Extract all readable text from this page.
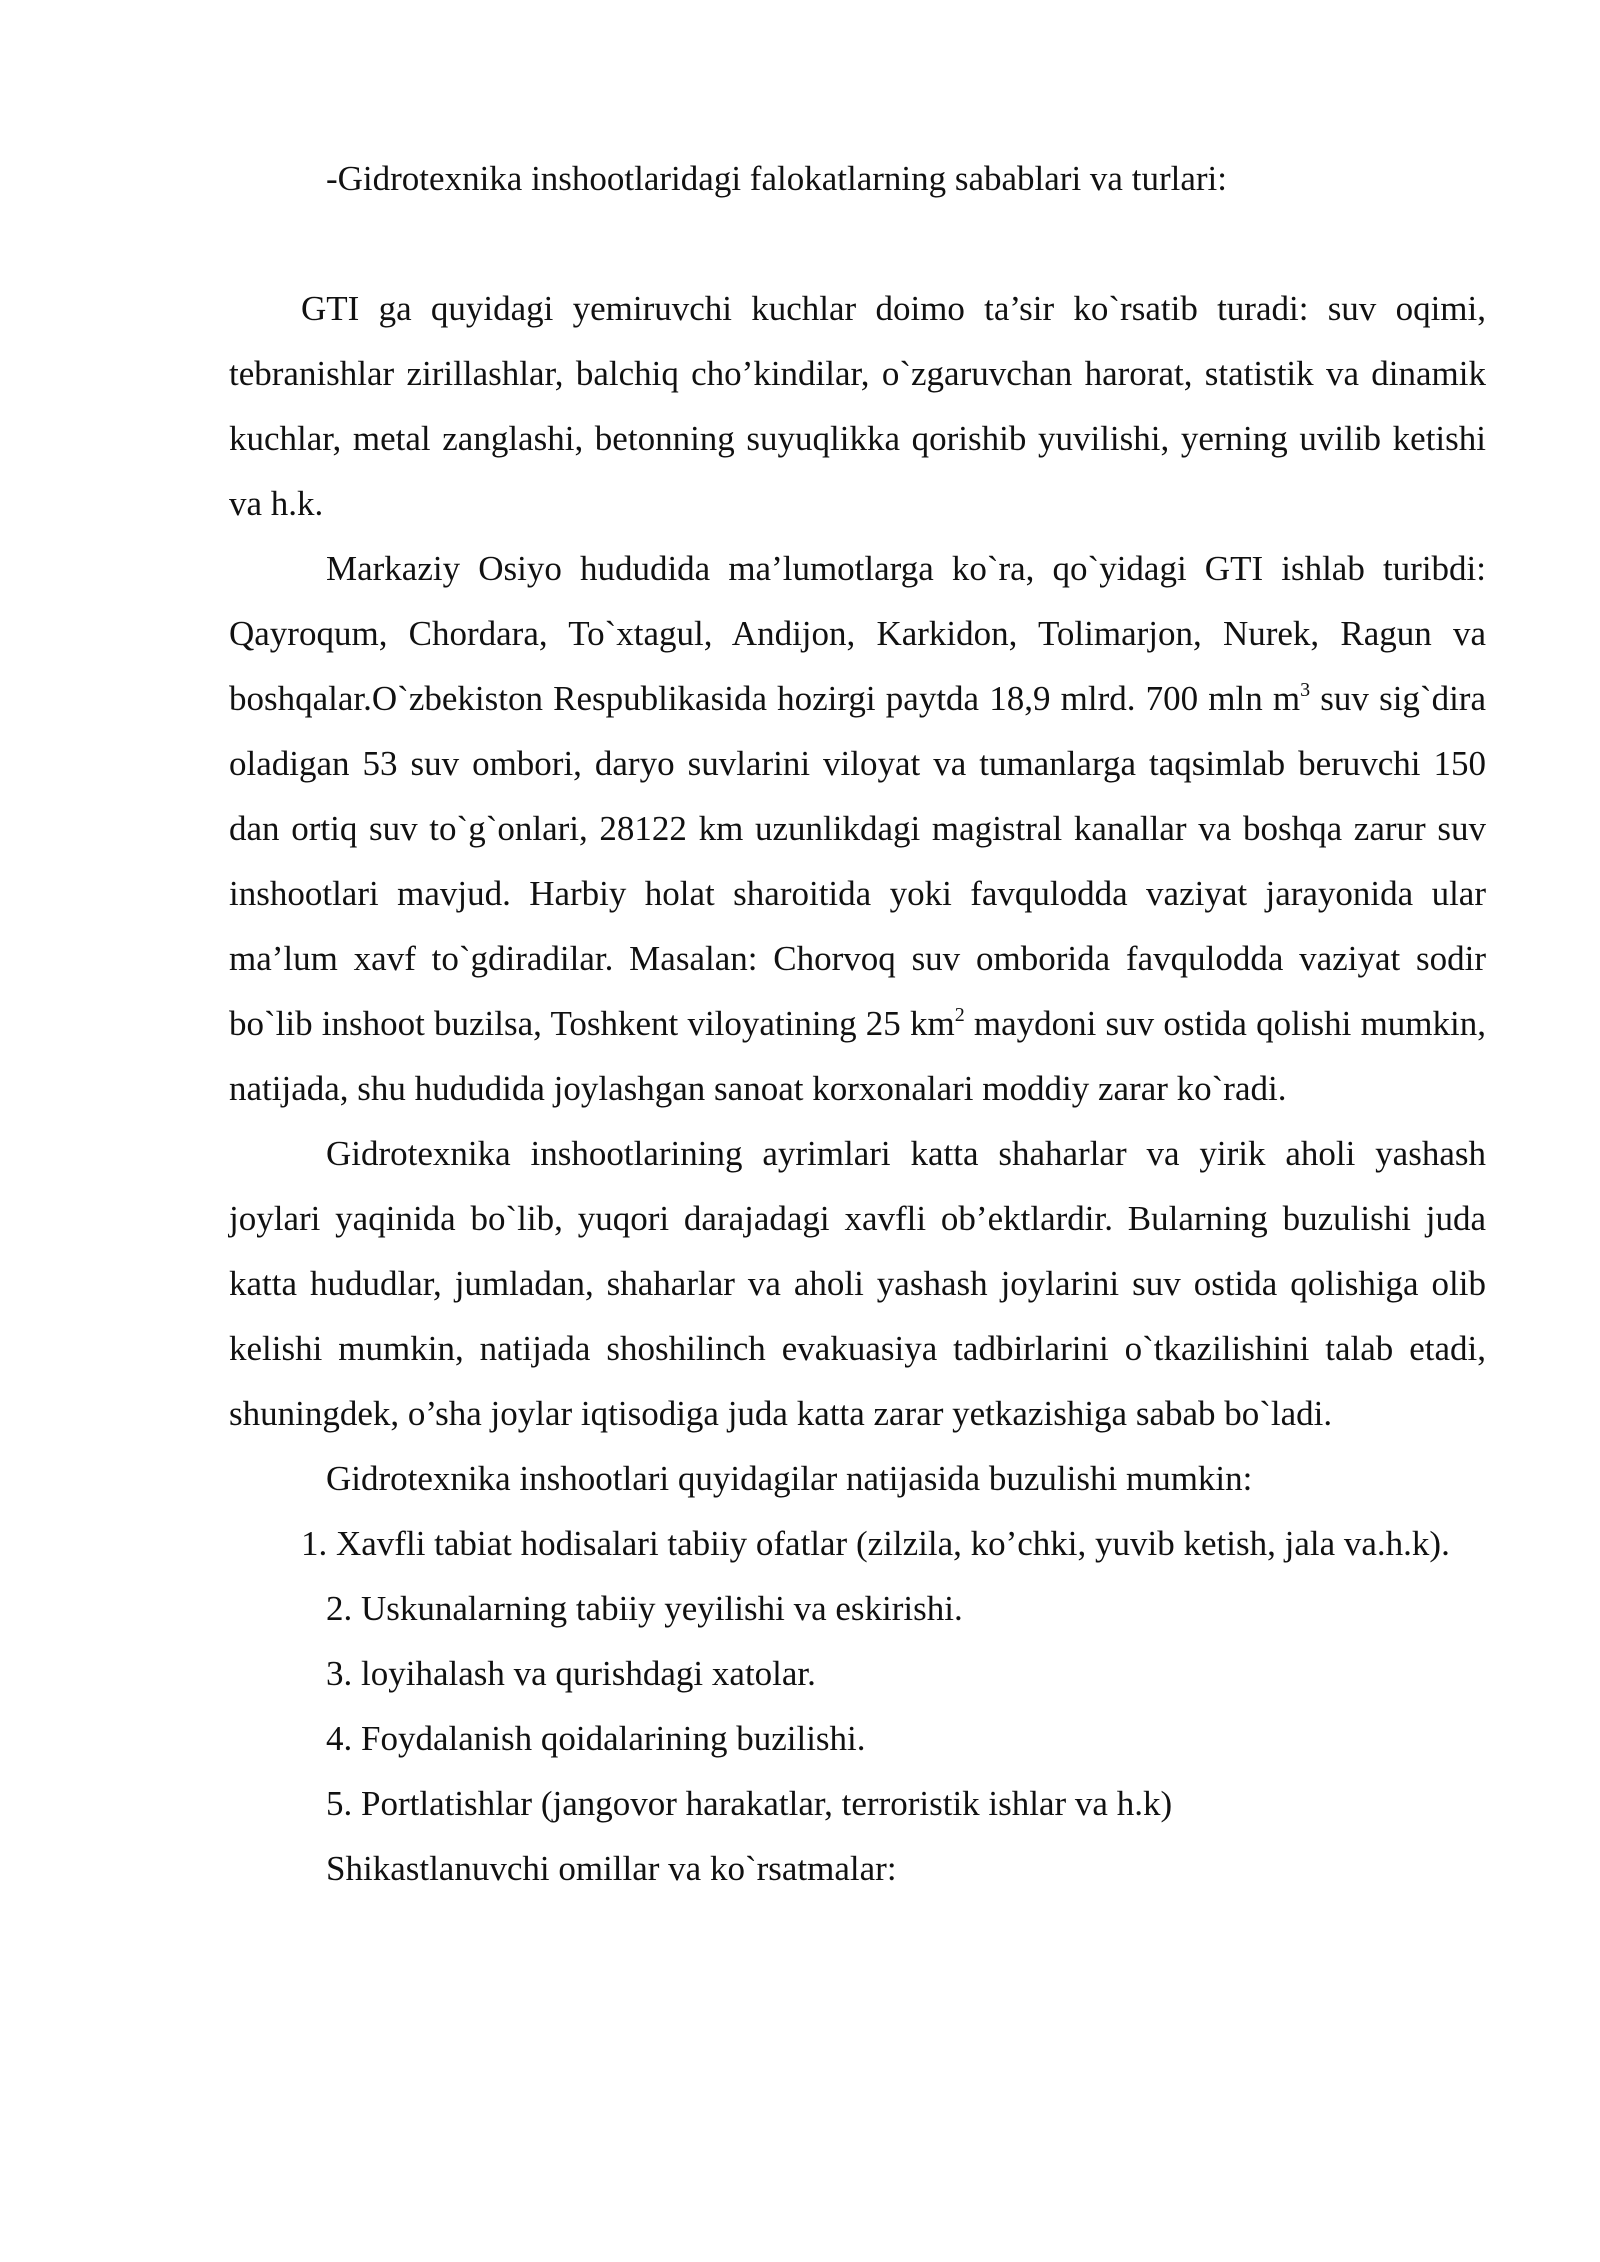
-Gidrotexnika inshootlaridagi falokatlarning sabablari va turlari:

GTI ga quyidagi yemiruvchi kuchlar doimo ta’sir ko`rsatib turadi: suv oqimi, tebranishlar zirillashlar, balchiq cho’kindilar, o`zgaruvchan harorat, statistik va dinamik kuchlar, metal zanglashi, betonning suyuqlikka qorishib yuvilishi, yerning uvilib ketishi va h.k.

Markaziy Osiyo hududida ma’lumotlarga ko`ra, qo`yidagi GTI ishlab turibdi: Qayroqum, Chordara, To`xtagul, Andijon, Karkidon, Tolimarjon, Nurek, Ragun va boshqalar.O`zbekiston Respublikasida hozirgi paytda 18,9 mlrd. 700 mln $m^3$ suv sig`dira oladigan 53 suv ombori, daryo suvlarini viloyat va tumanlarga taqsimlab beruvchi 150 dan ortiq suv to`g`onlari, 28122 km uzunlikdagi magistral kanallar va boshqa zarur suv inshootlari mavjud. Harbiy holat sharoitida yoki favqulodda vaziyat jarayonida ular ma’lum xavf to`gdiradilar. Masalan: Chorvoq suv omborida favqulodda vaziyat sodir bo`lib inshoot buzilsa, Toshkent viloyatining 25 $km^2$ maydoni suv ostida qolishi mumkin, natijada, shu hududida joylashgan sanoat korxonalari moddiy zarar ko`radi.

Gidrotexnika inshootlarining ayrimlari katta shaharlar va yirik aholi yashash joylari yaqinida bo`lib, yuqori darajadagi xavfli ob’ektlardir. Bularning buzulishi juda katta hududlar, jumladan, shaharlar va aholi yashash joylarini suv ostida qolishiga olib kelishi mumkin, natijada shoshilinch evakuasiya tadbirlarini o`tkazilishini talab etadi, shuningdek, o’sha joylar iqtisodiga juda katta zarar yetkazishiga sabab bo`ladi.

Gidrotexnika inshootlari quyidagilar natijasida buzulishi mumkin:

1. Xavfli tabiat hodisalari tabiiy ofatlar (zilzila, ko’chki, yuvib ketish, jala va.h.k).

2. Uskunalarning tabiiy yeyilishi va eskirishi.

3. loyihalash va qurishdagi xatolar.

4. Foydalanish qoidalarining buzilishi.

5. Portlatishlar (jangovor harakatlar, terroristik ishlar va h.k)

Shikastlanuvchi omillar va ko`rsatmalar:
